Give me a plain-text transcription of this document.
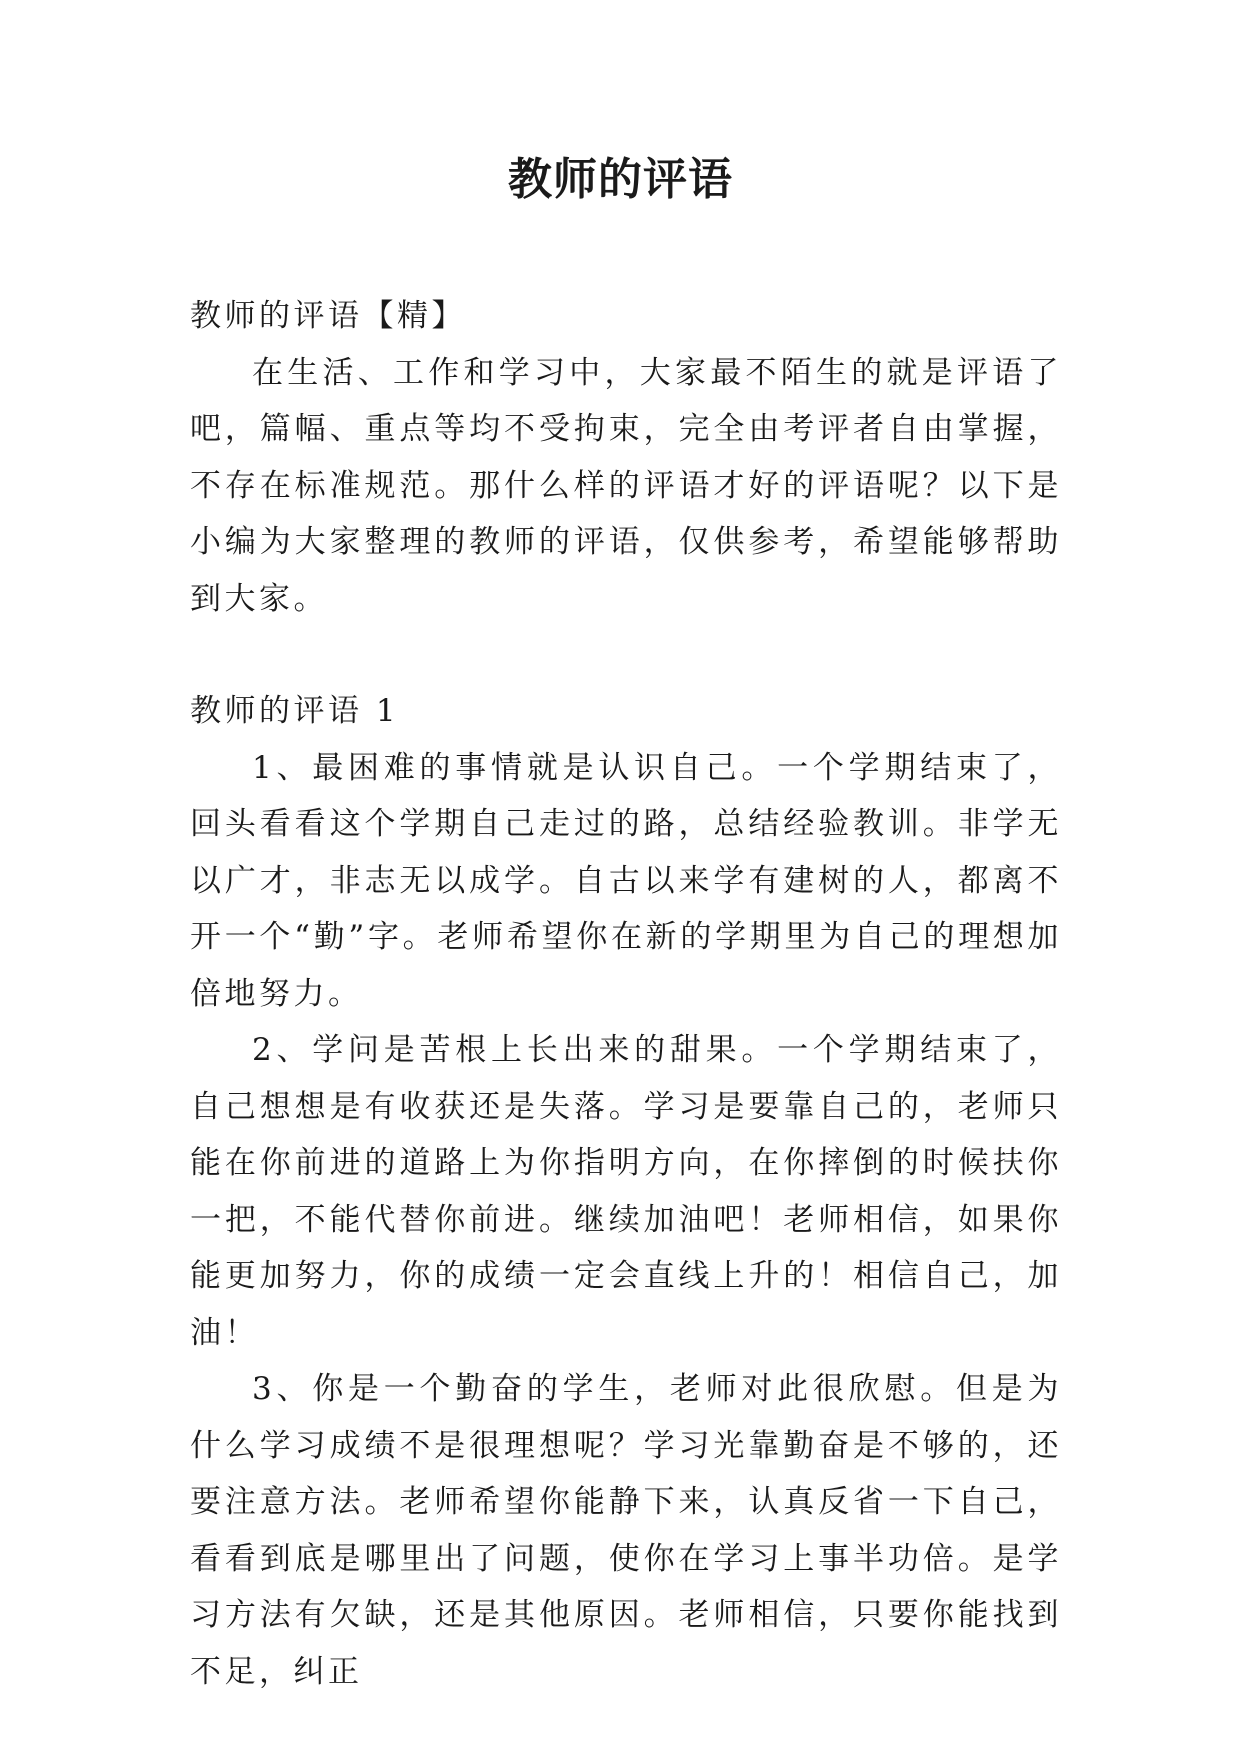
教师的评语

教师的评语【精】

在生活、工作和学习中，大家最不陌生的就是评语了吧，篇幅、重点等均不受拘束，完全由考评者自由掌握，不存在标准规范。那什么样的评语才好的评语呢？以下是小编为大家整理的教师的评语，仅供参考，希望能够帮助到大家。

教师的评语 1

1、最困难的事情就是认识自己。一个学期结束了，回头看看这个学期自己走过的路，总结经验教训。非学无以广才，非志无以成学。自古以来学有建树的人，都离不开一个“勤”字。老师希望你在新的学期里为自己的理想加倍地努力。

2、学问是苦根上长出来的甜果。一个学期结束了，自己想想是有收获还是失落。学习是要靠自己的，老师只能在你前进的道路上为你指明方向，在你摔倒的时候扶你一把，不能代替你前进。继续加油吧！老师相信，如果你能更加努力，你的成绩一定会直线上升的！相信自己，加油！

3、你是一个勤奋的学生，老师对此很欣慰。但是为什么学习成绩不是很理想呢？学习光靠勤奋是不够的，还要注意方法。老师希望你能静下来，认真反省一下自己，看看到底是哪里出了问题，使你在学习上事半功倍。是学习方法有欠缺，还是其他原因。老师相信，只要你能找到不足，纠正
